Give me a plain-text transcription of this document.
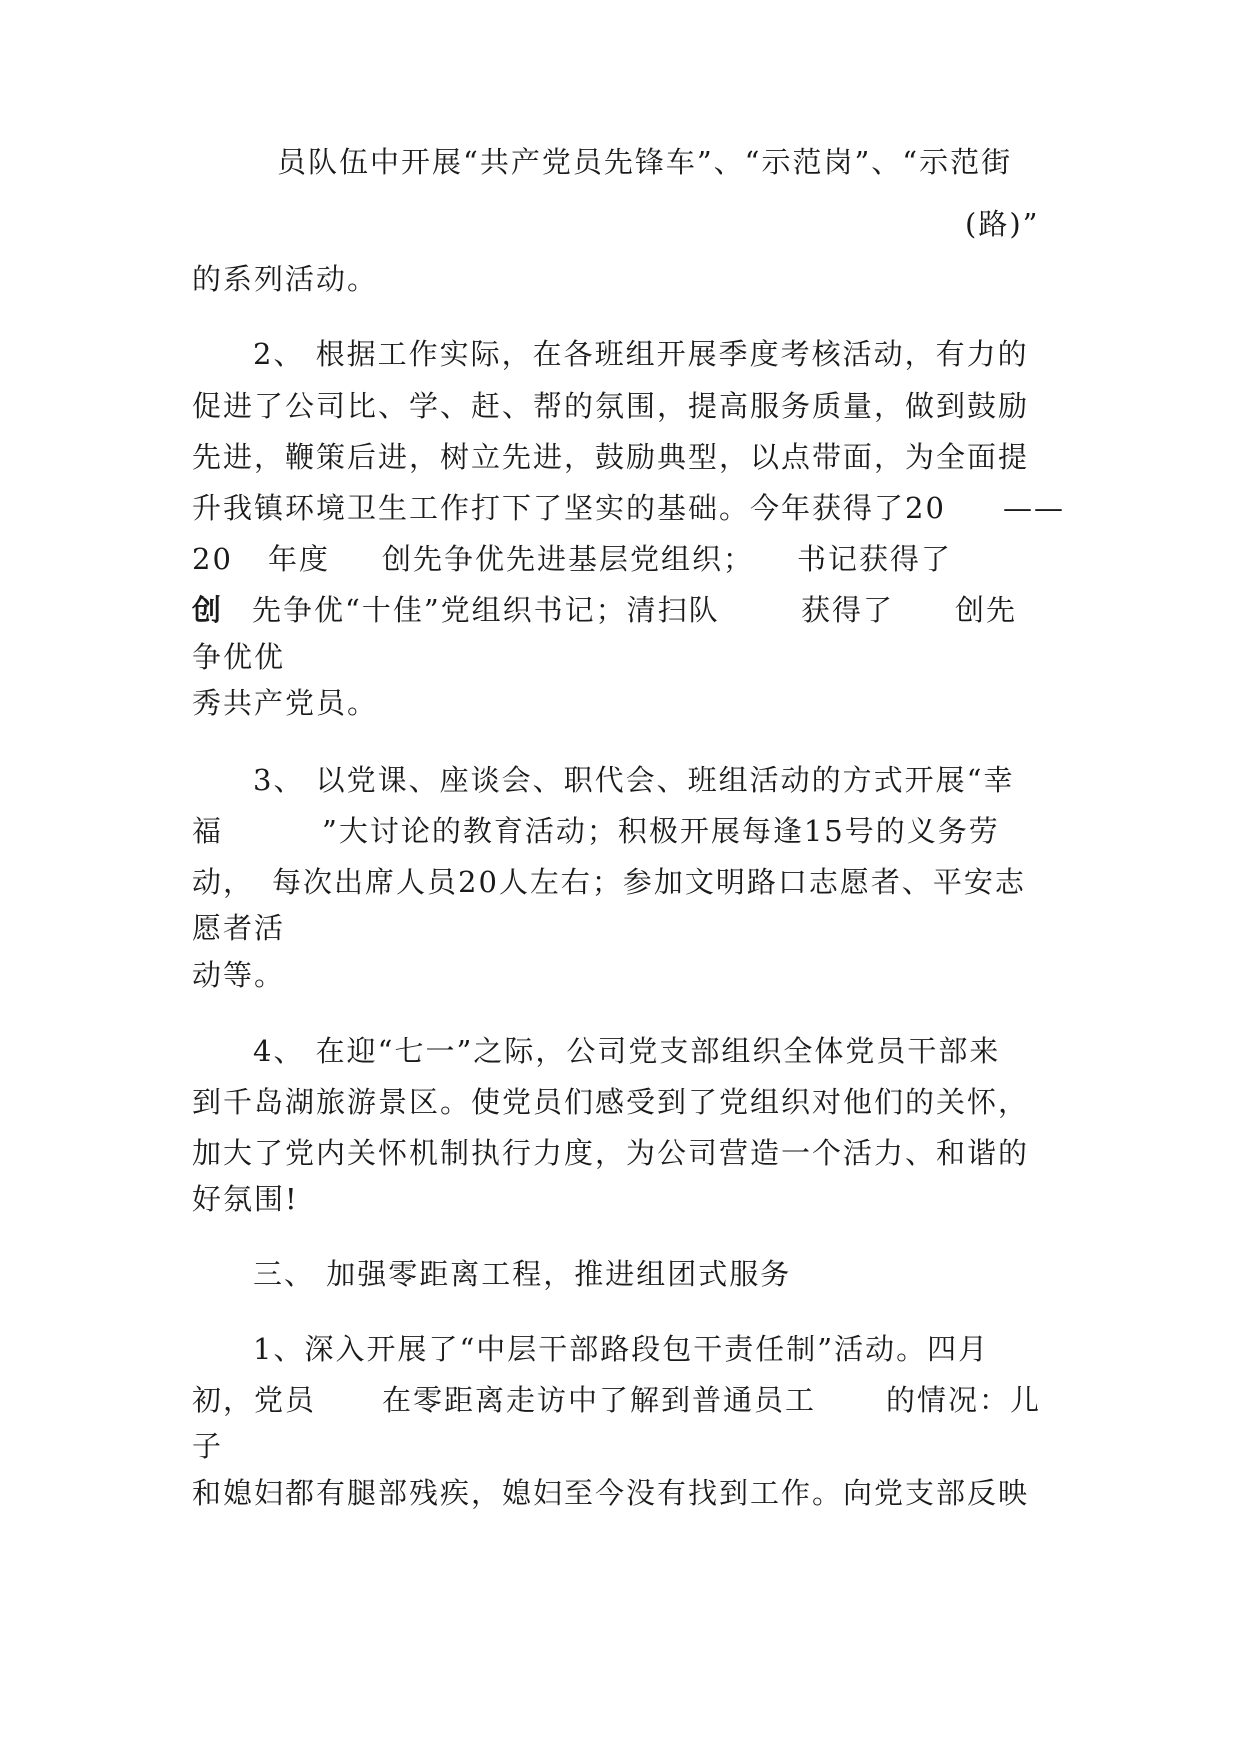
员队伍中开展“共产党员先锋车”、“示范岗”、“示范街
(路)”
的系列活动。
2、 根据工作实际，在各班组开展季度考核活动，有力的
促进了公司比、学、赶、帮的氛围，提高服务质量，做到鼓励
先进，鞭策后进，树立先进，鼓励典型，以点带面，为全面提
升我镇环境卫生工作打下了坚实的基础。今年获得了20 ——
20 年度 创先争优先进基层党组织； 书记获得了
创 先争优“十佳”党组织书记；清扫队	获得了 创先
争优优
秀共产党员。
3、 以党课、座谈会、职代会、班组活动的方式开展“幸
福	”大讨论的教育活动；积极开展每逢15号的义务劳
动， 每次出席人员20人左右；参加文明路口志愿者、平安志
愿者活
动等。
4、 在迎“七一”之际，公司党支部组织全体党员干部来
到千岛湖旅游景区。使党员们感受到了党组织对他们的关怀，
加大了党内关怀机制执行力度，为公司营造一个活力、和谐的
好氛围!
三、 加强零距离工程，推进组团式服务
1、深入开展了“中层干部路段包干责任制”活动。四月
初，党员 在零距离走访中了解到普通员工 的情况：儿
子
和媳妇都有腿部残疾，媳妇至今没有找到工作。向党支部反映
